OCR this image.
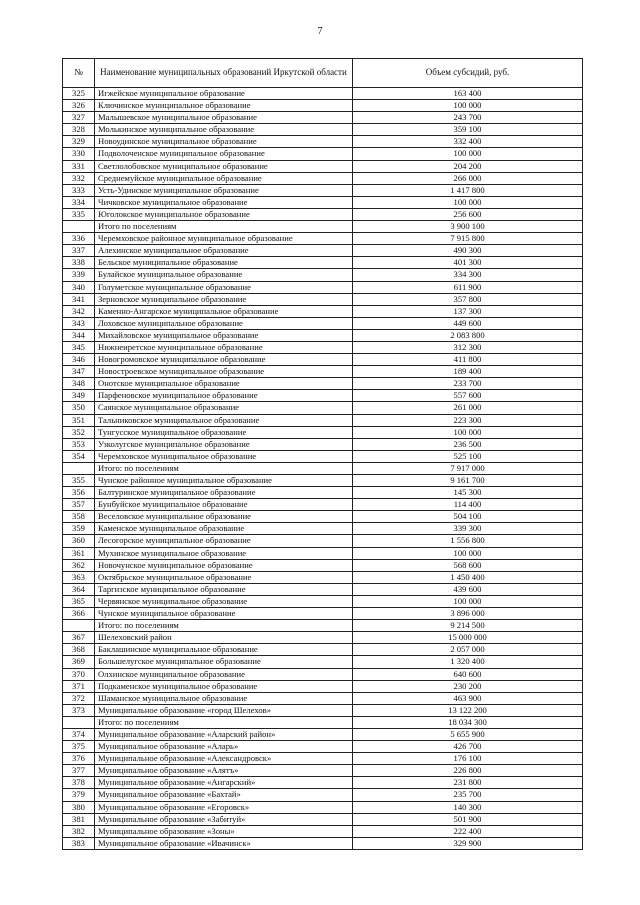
7
№	Наименование муниципальных образований Иркутской области	Объем субсидий, руб.
325	Игжейское муниципальное образование	163 400
326	Ключинское муниципальное образование	100 000
327	Малышевское муниципальное образование	243 700
328	Молькинское муниципальное образование	359 100
329	Новоудинское муниципальное образование	332 400
330	Подволоченское муниципальное образование	100 000
331	Светлолобовское муниципальное образование	204 200
332	Среднемуйское муниципальное образование	266 000
333	Усть-Удинское муниципальное образование	1 417 800
334	Чичковское муниципальное образование	100 000
335	Юголокское муниципальное образование	256 600
	Итого по поселениям	3 900 100
336	Черемховское районное муниципальное образование	7 915 800
337	Алехинское муниципальное образование	490 300
338	Бельское муниципальное образование	401 300
339	Булайское муниципальное образование	334 300
340	Голуметское муниципальное образование	611 900
341	Зерновское муниципальное образование	357 800
342	Каменно-Ангарское муниципальное образование	137 300
343	Лоховское муниципальное образование	449 600
344	Михайловское муниципальное образование	2 083 800
345	Нижнеиретское муниципальное образование	312 300
346	Новогромовское муниципальное образование	411 800
347	Новостроевское муниципальное образование	189 400
348	Онотское муниципальное образование	233 700
349	Парфеновское муниципальное образование	557 600
350	Саянское муниципальное образование	261 000
351	Тальниковское муниципальное образование	223 300
352	Тунгусское муниципальное образование	100 000
353	Узколугское муниципальное образование	236 500
354	Черемховское муниципальное образование	525 100
	Итого: по поселениям	7 917 000
355	Чунское районное муниципальное образование	9 161 700
356	Балтуринское муниципальное образование	145 300
357	Бунбуйское муниципальное образование	114 400
358	Веселовское муниципальное образование	504 100
359	Каменское муниципальное образование	339 300
360	Лесогорское муниципальное образование	1 556 800
361	Мухинское муниципальное образование	100 000
362	Новочунское муниципальное образование	568 600
363	Октябрьское муниципальное образование	1 450 400
364	Таргизское муниципальное образование	439 600
365	Червянское муниципальное образование	100 000
366	Чунское муниципальное образование	3 896 000
	Итого: по поселениям	9 214 500
367	Шелеховский район	15 000 000
368	Баклашинское муниципальное образование	2 057 000
369	Большелугское муниципальное образование	1 320 400
370	Олхинское муниципальное образование	640 600
371	Подкаменское муниципальное образование	230 200
372	Шаманское муниципальное образование	463 900
373	Муниципальное образование «город Шелехов»	13 122 200
	Итого: по поселениям	18 034 300
374	Муниципальное образование «Аларский район»	5 655 900
375	Муниципальное образование «Аларь»	426 700
376	Муниципальное образование «Александровск»	176 100
377	Муниципальное образование «Алятъ»	226 800
378	Муниципальное образование «Ангарский»	231 800
379	Муниципальное образование «Бахтай»	235 700
380	Муниципальное образование «Егоровск»	140 300
381	Муниципальное образование «Забитуй»	501 900
382	Муниципальное образование «Зоны»	222 400
383	Муниципальное образование «Ивачинск»	329 900
